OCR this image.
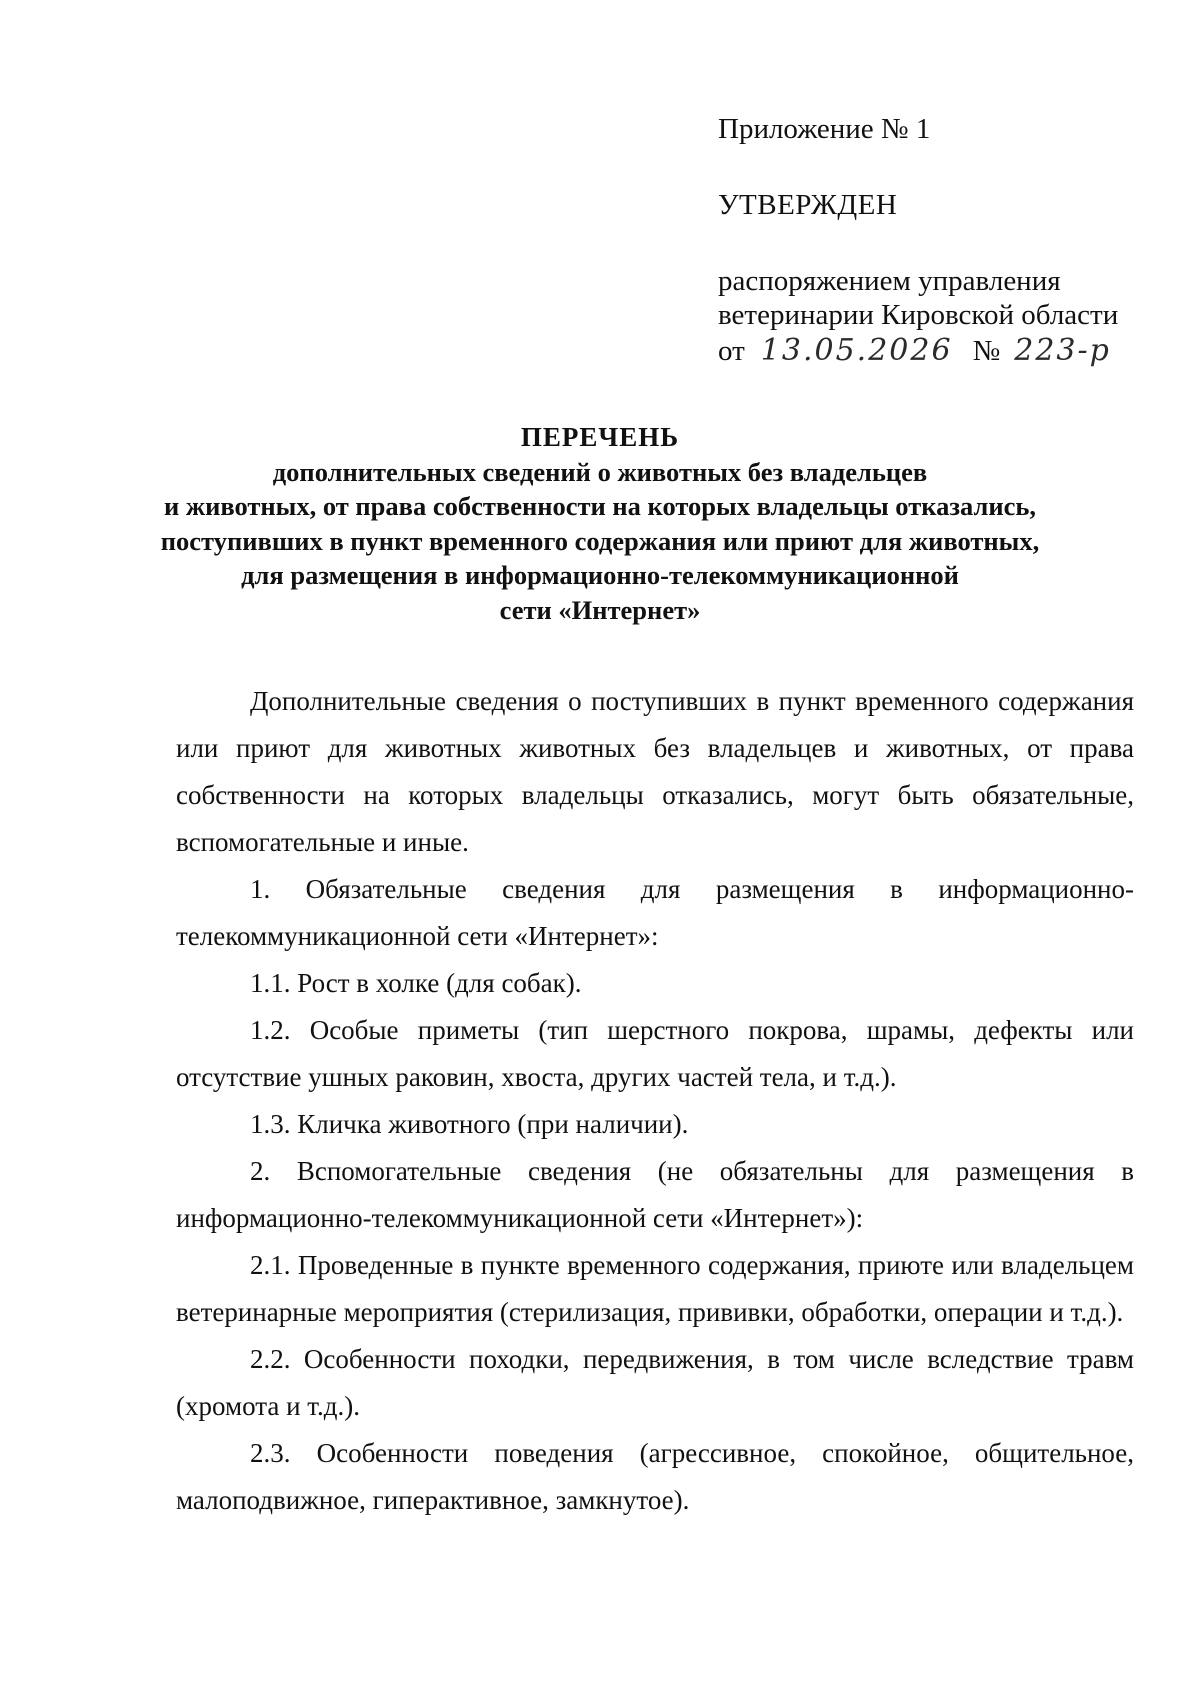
Приложение № 1
УТВЕРЖДЕН
распоряжением управления
ветеринарии Кировской области
от 13.05.2026 № 223-р
ПЕРЕЧЕНЬ
дополнительных сведений о животных без владельцев
и животных, от права собственности на которых владельцы отказались,
поступивших в пункт временного содержания или приют для животных,
для размещения в информационно-телекоммуникационной
сети «Интернет»

Дополнительные сведения о поступивших в пункт временного содержания или приют для животных животных без владельцев и животных, от права собственности на которых владельцы отказались, могут быть обязательные, вспомогательные и иные.

1. Обязательные сведения для размещения в информационно-телекоммуникационной сети «Интернет»:

1.1. Рост в холке (для собак).

1.2. Особые приметы (тип шерстного покрова, шрамы, дефекты или отсутствие ушных раковин, хвоста, других частей тела, и т.д.).

1.3. Кличка животного (при наличии).

2. Вспомогательные сведения (не обязательны для размещения в информационно-телекоммуникационной сети «Интернет»):

2.1. Проведенные в пункте временного содержания, приюте или владельцем ветеринарные мероприятия (стерилизация, прививки, обработки, операции и т.д.).

2.2. Особенности походки, передвижения, в том числе вследствие травм (хромота и т.д.).

2.3. Особенности поведения (агрессивное, спокойное, общительное, малоподвижное, гиперактивное, замкнутое).
